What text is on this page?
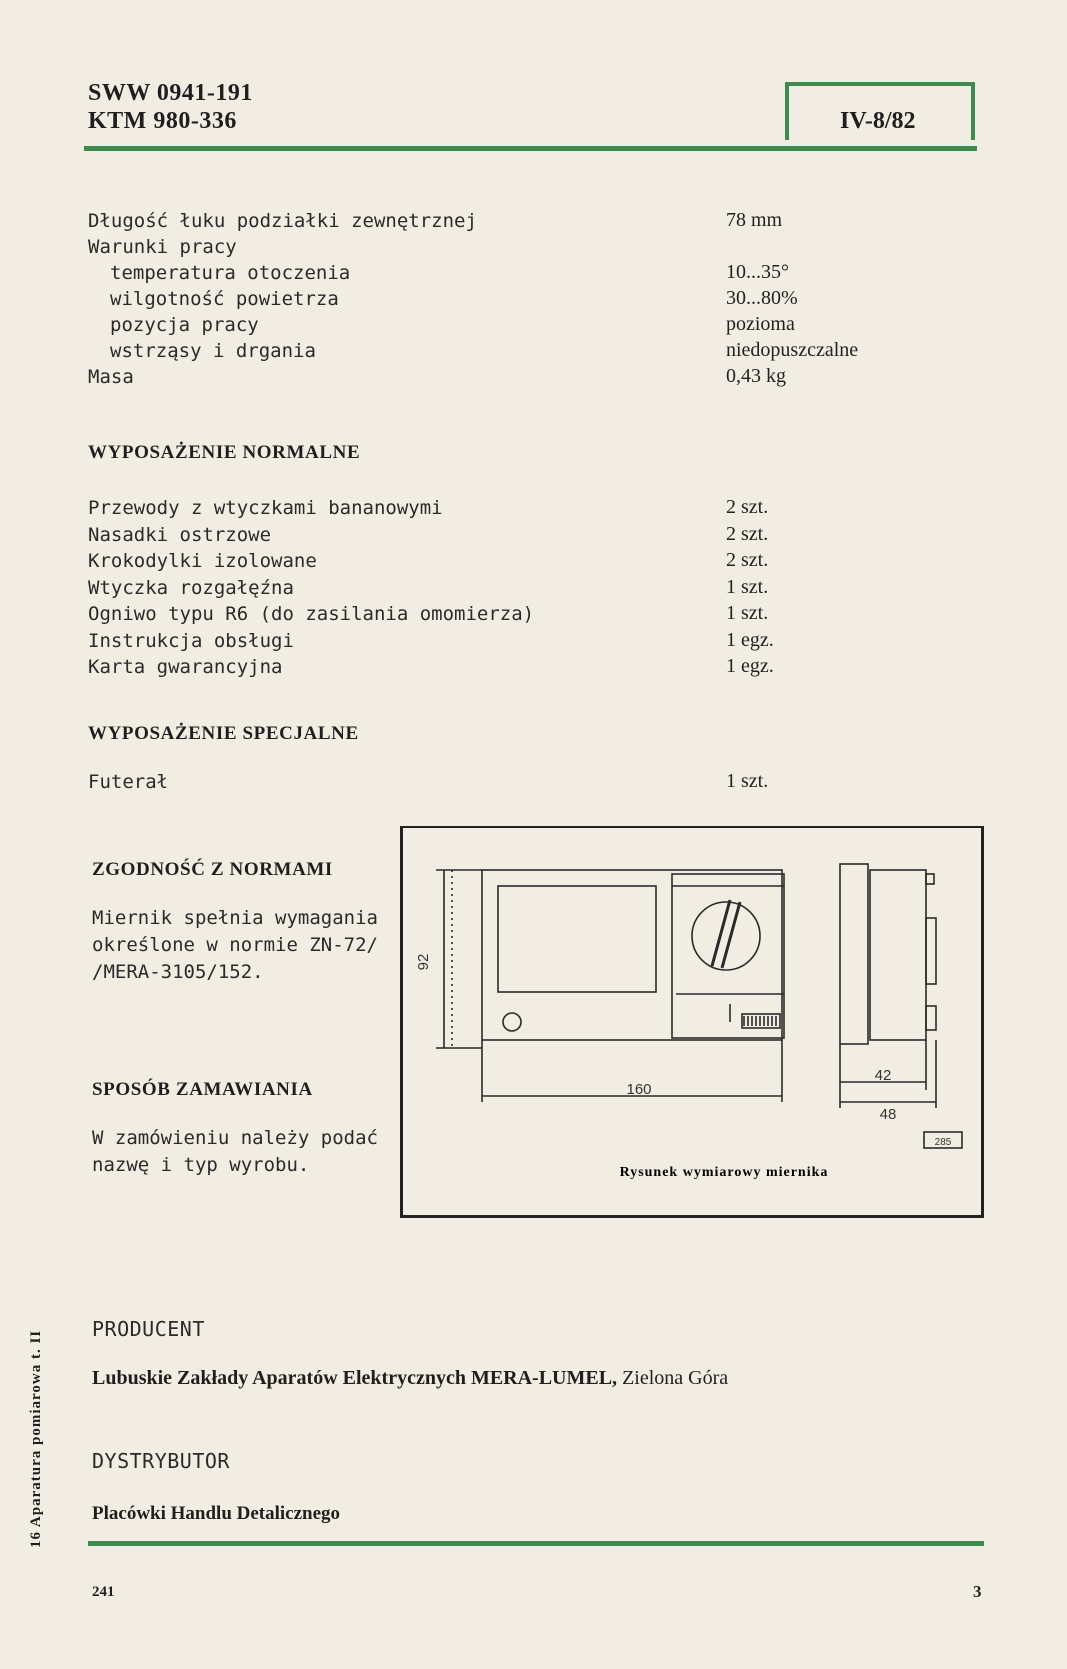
SWW 0941-191
KTM 980-336	IV-8/82
Długość łuku podziałki zewnętrznej	78 mm
Warunki pracy
temperatura otoczenia	10...35°
wilgotność powietrza	30...80%
pozycja pracy	pozioma
wstrząsy i drgania	niedopuszczalne
Masa	0,43 kg
WYPOSAŻENIE NORMALNE
Przewody z wtyczkami bananowymi	2 szt.
Nasadki ostrzowe	2 szt.
Krokodylki izolowane	2 szt.
Wtyczka rozgałęźna	1 szt.
Ogniwo typu R6 (do zasilania omomierza)	1 szt.
Instrukcja obsługi	1 egz.
Karta gwarancyjna	1 egz.
WYPOSAŻENIE SPECJALNE
Futerał	1 szt.
ZGODNOŚĆ Z NORMAMI
Miernik spełnia wymagania
określone w normie ZN-72/
/MERA-3105/152.
SPOSÓB ZAMAWIANIA
W zamówieniu należy podać
nazwę i typ wyrobu.
92
160
42
48
285
Rysunek wymiarowy miernika
16 Aparatura pomiarowa t. II
PRODUCENT
Lubuskie Zakłady Aparatów Elektrycznych MERA-LUMEL, Zielona Góra
DYSTRYBUTOR
Placówki Handlu Detalicznego
241	3
